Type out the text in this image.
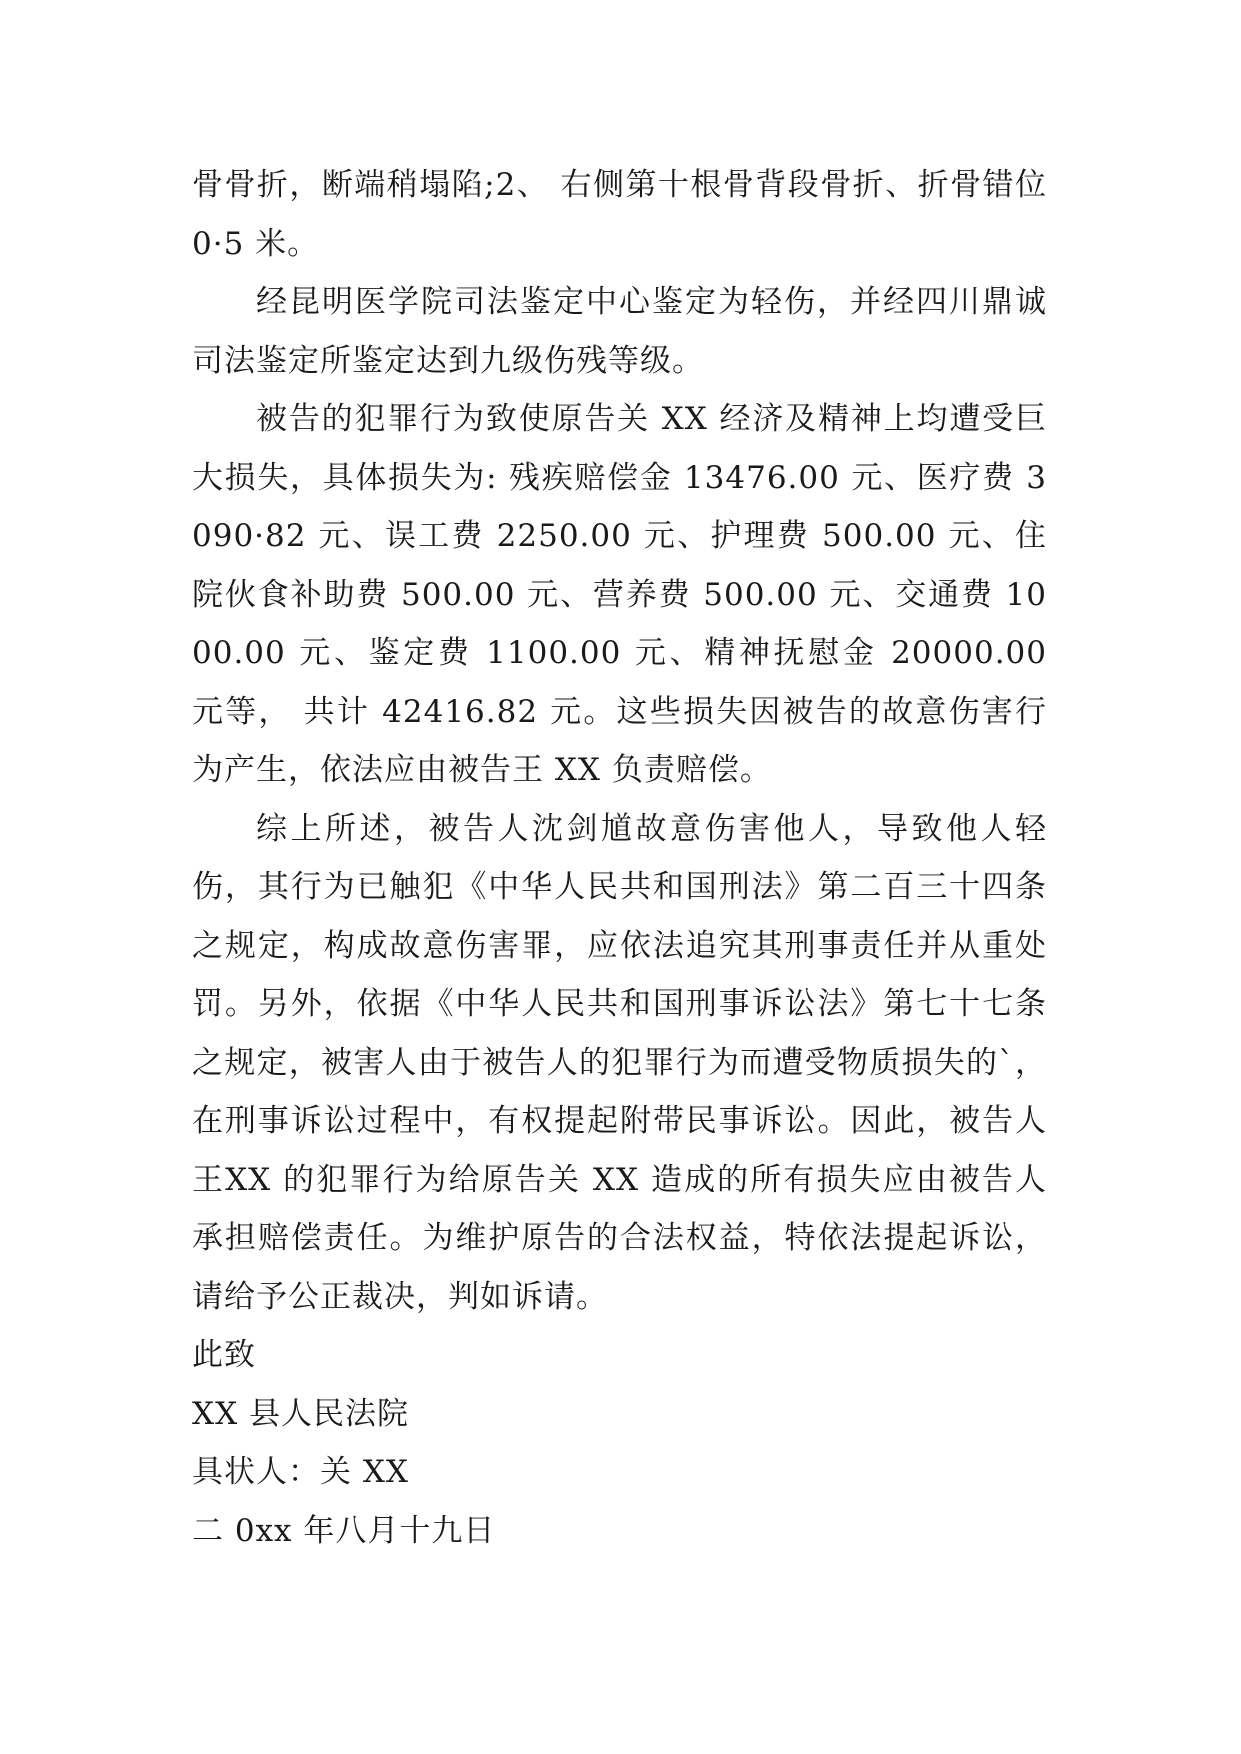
骨骨折，断端稍塌陷;2、 右侧第十根骨背段骨折、折骨错位 0·5 米。

经昆明医学院司法鉴定中心鉴定为轻伤，并经四川鼎诚司法鉴定所鉴定达到九级伤残等级。

被告的犯罪行为致使原告关 XX 经济及精神上均遭受巨大损失，具体损失为: 残疾赔偿金 13476.00 元、医疗费 3090·82 元、误工费 2250.00 元、护理费 500.00 元、住院伙食补助费 500.00 元、营养费 500.00 元、交通费 1000.00 元、鉴定费 1100.00 元、精神抚慰金 20000.00 元等， 共计 42416.82 元。这些损失因被告的故意伤害行为产生，依法应由被告王 XX 负责赔偿。

综上所述，被告人沈剑馗故意伤害他人，导致他人轻伤，其行为已触犯《中华人民共和国刑法》第二百三十四条之规定，构成故意伤害罪，应依法追究其刑事责任并从重处罚。另外，依据《中华人民共和国刑事诉讼法》第七十七条之规定，被害人由于被告人的犯罪行为而遭受物质损失的`，在刑事诉讼过程中，有权提起附带民事诉讼。因此，被告人王XX 的犯罪行为给原告关 XX 造成的所有损失应由被告人承担赔偿责任。为维护原告的合法权益，特依法提起诉讼，请给予公正裁决，判如诉请。

此致

XX 县人民法院

具状人：关 XX

二 0xx 年八月十九日
